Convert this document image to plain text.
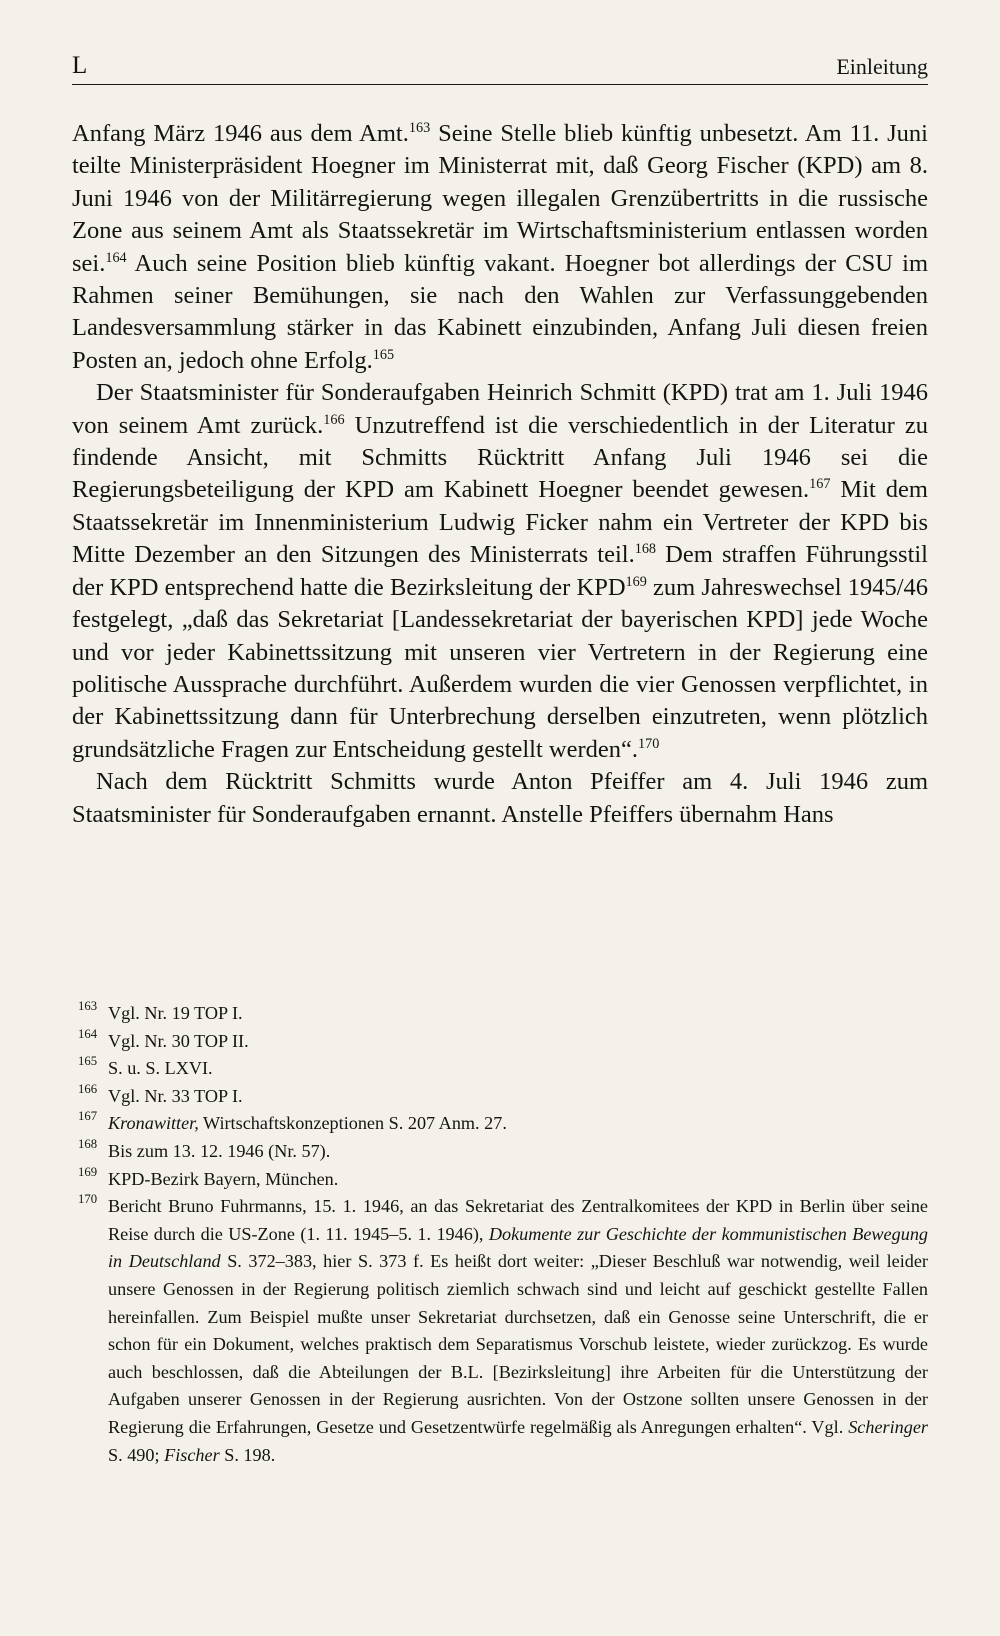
L	Einleitung

Anfang März 1946 aus dem Amt.$^{163}$ Seine Stelle blieb künftig unbesetzt. Am 11. Juni teilte Ministerpräsident Hoegner im Ministerrat mit, daß Georg Fischer (KPD) am 8. Juni 1946 von der Militärregierung wegen illegalen Grenzübertritts in die russische Zone aus seinem Amt als Staatssekretär im Wirtschaftsministerium entlassen worden sei.$^{164}$ Auch seine Position blieb künftig vakant. Hoegner bot allerdings der CSU im Rahmen seiner Bemühungen, sie nach den Wahlen zur Verfassunggebenden Landesversammlung stärker in das Kabinett einzubinden, Anfang Juli diesen freien Posten an, jedoch ohne Erfolg.$^{165}$

Der Staatsminister für Sonderaufgaben Heinrich Schmitt (KPD) trat am 1. Juli 1946 von seinem Amt zurück.$^{166}$ Unzutreffend ist die verschiedentlich in der Literatur zu findende Ansicht, mit Schmitts Rücktritt Anfang Juli 1946 sei die Regierungsbeteiligung der KPD am Kabinett Hoegner beendet gewesen.$^{167}$ Mit dem Staatssekretär im Innenministerium Ludwig Ficker nahm ein Vertreter der KPD bis Mitte Dezember an den Sitzungen des Ministerrats teil.$^{168}$ Dem straffen Führungsstil der KPD entsprechend hatte die Bezirksleitung der KPD$^{169}$ zum Jahreswechsel 1945/46 festgelegt, „daß das Sekretariat [Landessekretariat der bayerischen KPD] jede Woche und vor jeder Kabinettssitzung mit unseren vier Vertretern in der Regierung eine politische Aussprache durchführt. Außerdem wurden die vier Genossen verpflichtet, in der Kabinettssitzung dann für Unterbrechung derselben einzutreten, wenn plötzlich grundsätzliche Fragen zur Entscheidung gestellt werden“.$^{170}$

Nach dem Rücktritt Schmitts wurde Anton Pfeiffer am 4. Juli 1946 zum Staatsminister für Sonderaufgaben ernannt. Anstelle Pfeiffers übernahm Hans

163 Vgl. Nr. 19 TOP I.
164 Vgl. Nr. 30 TOP II.
165 S. u. S. LXVI.
166 Vgl. Nr. 33 TOP I.
167 Kronawitter, Wirtschaftskonzeptionen S. 207 Anm. 27.
168 Bis zum 13. 12. 1946 (Nr. 57).
169 KPD-Bezirk Bayern, München.
170 Bericht Bruno Fuhrmanns, 15. 1. 1946, an das Sekretariat des Zentralkomitees der KPD in Berlin über seine Reise durch die US-Zone (1. 11. 1945–5. 1. 1946), Dokumente zur Geschichte der kommunistischen Bewegung in Deutschland S. 372–383, hier S. 373 f. Es heißt dort weiter: „Dieser Beschluß war notwendig, weil leider unsere Genossen in der Regierung politisch ziemlich schwach sind und leicht auf geschickt gestellte Fallen hereinfallen. Zum Beispiel mußte unser Sekretariat durchsetzen, daß ein Genosse seine Unterschrift, die er schon für ein Dokument, welches praktisch dem Separatismus Vorschub leistete, wieder zurückzog. Es wurde auch beschlossen, daß die Abteilungen der B.L. [Bezirksleitung] ihre Arbeiten für die Unterstützung der Aufgaben unserer Genossen in der Regierung ausrichten. Von der Ostzone sollten unsere Genossen in der Regierung die Erfahrungen, Gesetze und Gesetzentwürfe regelmäßig als Anregungen erhalten“. Vgl. Scheringer S. 490; Fischer S. 198.
